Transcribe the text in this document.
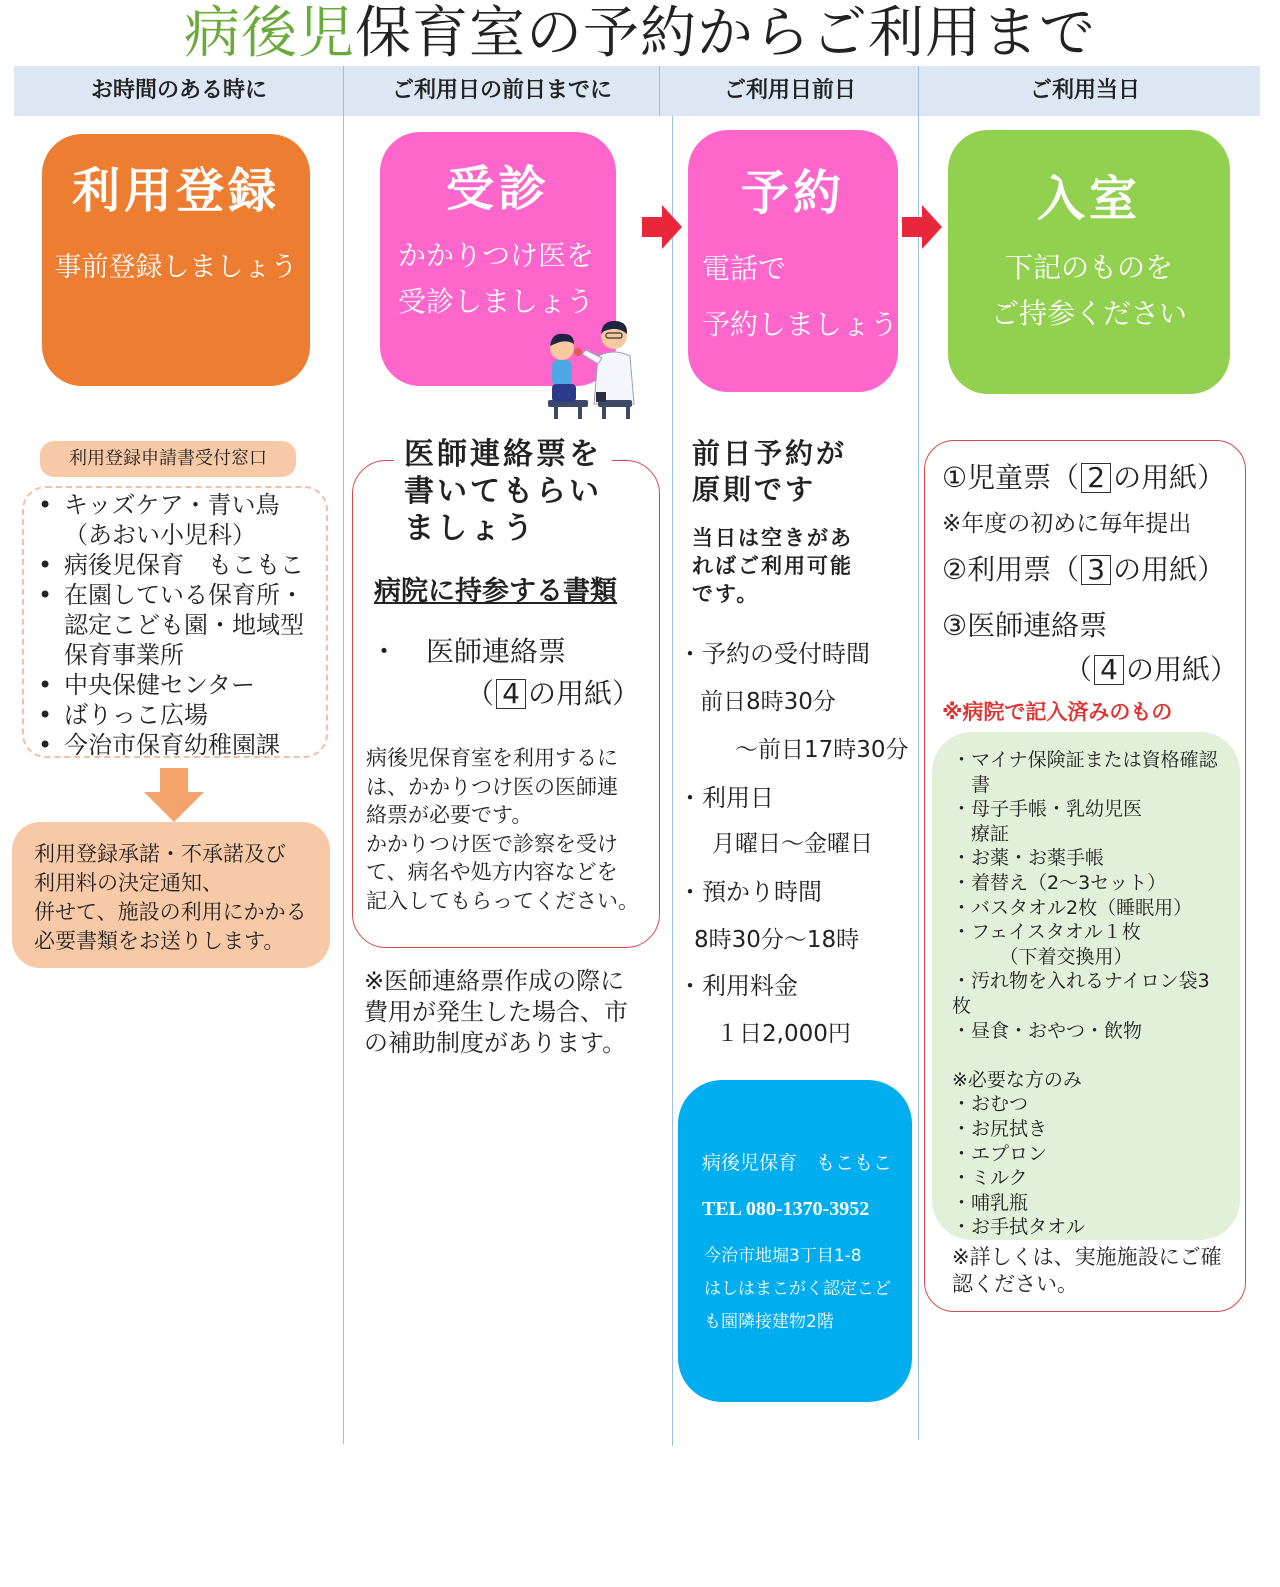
病後児保育室の予約からご利用まで
お時間のある時に	ご利用日の前日までに	ご利用日前日	ご利用当日
利用登録
事前登録しましょう
利用登録申請書受付窓口
• キッズケア・青い鳥
（あおい小児科）
• 病後児保育　もこもこ
• 在園している保育所・
認定こども園・地域型
保育事業所
• 中央保健センター
• ばりっこ広場
• 今治市保育幼稚園課
利用登録承諾・不承諾及び
利用料の決定通知、
併せて、施設の利用にかかる
必要書類をお送りします。
受診
かかりつけ医を
受診しましょう
医師連絡票を
書いてもらい
ましょう
病院に持参する書類
・　医師連絡票
（ 4 の用紙）
病後児保育室を利用するに
は、かかりつけ医の医師連
絡票が必要です。
かかりつけ医で診察を受け
て、病名や処方内容などを
記入してもらってください。
※医師連絡票作成の際に
費用が発生した場合、市
の補助制度があります。
予約
電話で
予約しましょう
前日予約が
原則です
当日は空きがあ
ればご利用可能
です。
・予約の受付時間
前日8時30分
　～前日17時30分
・利用日
月曜日～金曜日
・預かり時間
8時30分～18時
・利用料金
１日2,000円
病後児保育　もこもこ
TEL 080-1370-3952
今治市地堀3丁目1-8
はしはまこがく認定こど
も園隣接建物2階
入室
下記のものを
ご持参ください
①児童票（ 2 の用紙）
※年度の初めに毎年提出
②利用票（ 3 の用紙）
③医師連絡票
（ 4 の用紙）
※病院で記入済みのもの
・マイナ保険証または資格確認
　書
・母子手帳・乳幼児医
　療証
・お薬・お薬手帳
・着替え（2～3セット）
・バスタオル2枚（睡眠用）
・フェイスタオル１枚
　　　（下着交換用）
・汚れ物を入れるナイロン袋3枚
・昼食・おやつ・飲物

※必要な方のみ
・おむつ
・お尻拭き
・エプロン
・ミルク
・哺乳瓶
・お手拭タオル
※詳しくは、実施施設にご確
認ください。
